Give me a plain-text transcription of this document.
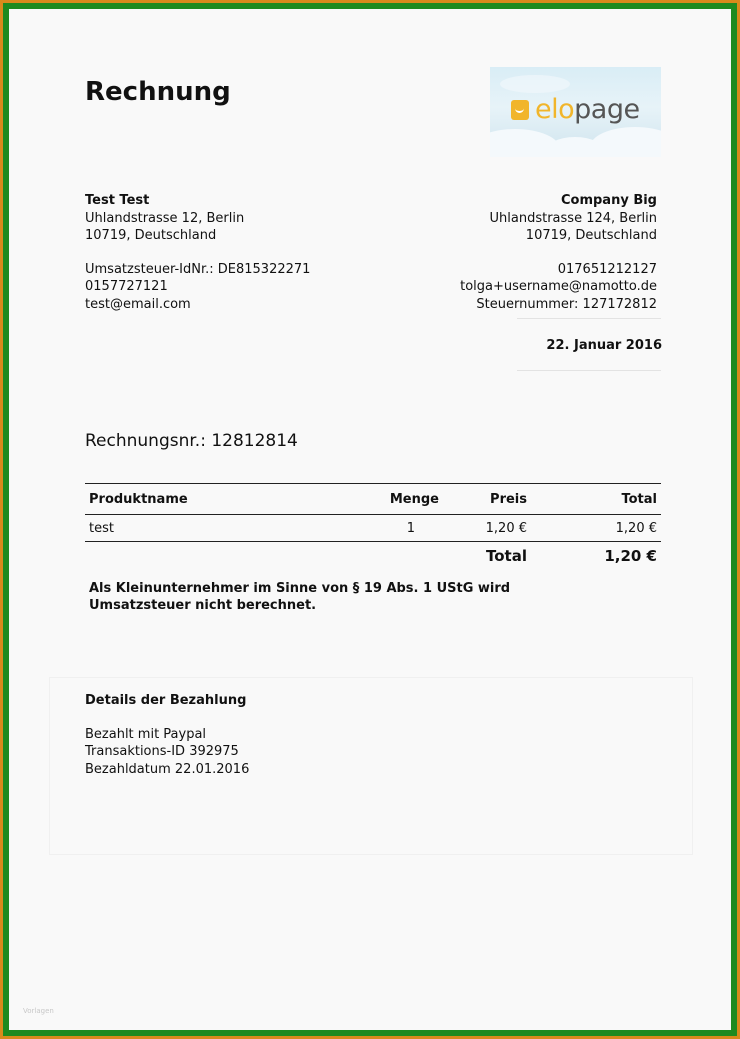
Rechnung
elopage
Test Test
Uhlandstrasse 12, Berlin
10719, Deutschland
Umsatzsteuer-IdNr.: DE815322271
0157727121
test@email.com
Company Big
Uhlandstrasse 124, Berlin
10719, Deutschland
017651212127
tolga+username@namotto.de
Steuernummer: 127172812
22. Januar 2016
Rechnungsnr.: 12812814
Produktname	Menge	Preis	Total
test	1	1,20 €	1,20 €
		Total	1,20 €
Als Kleinunternehmer im Sinne von § 19 Abs. 1 UStG wird Umsatzsteuer nicht berechnet.
Details der Bezahlung
Bezahlt mit Paypal
Transaktions-ID 392975
Bezahldatum 22.01.2016
Vorlagen
